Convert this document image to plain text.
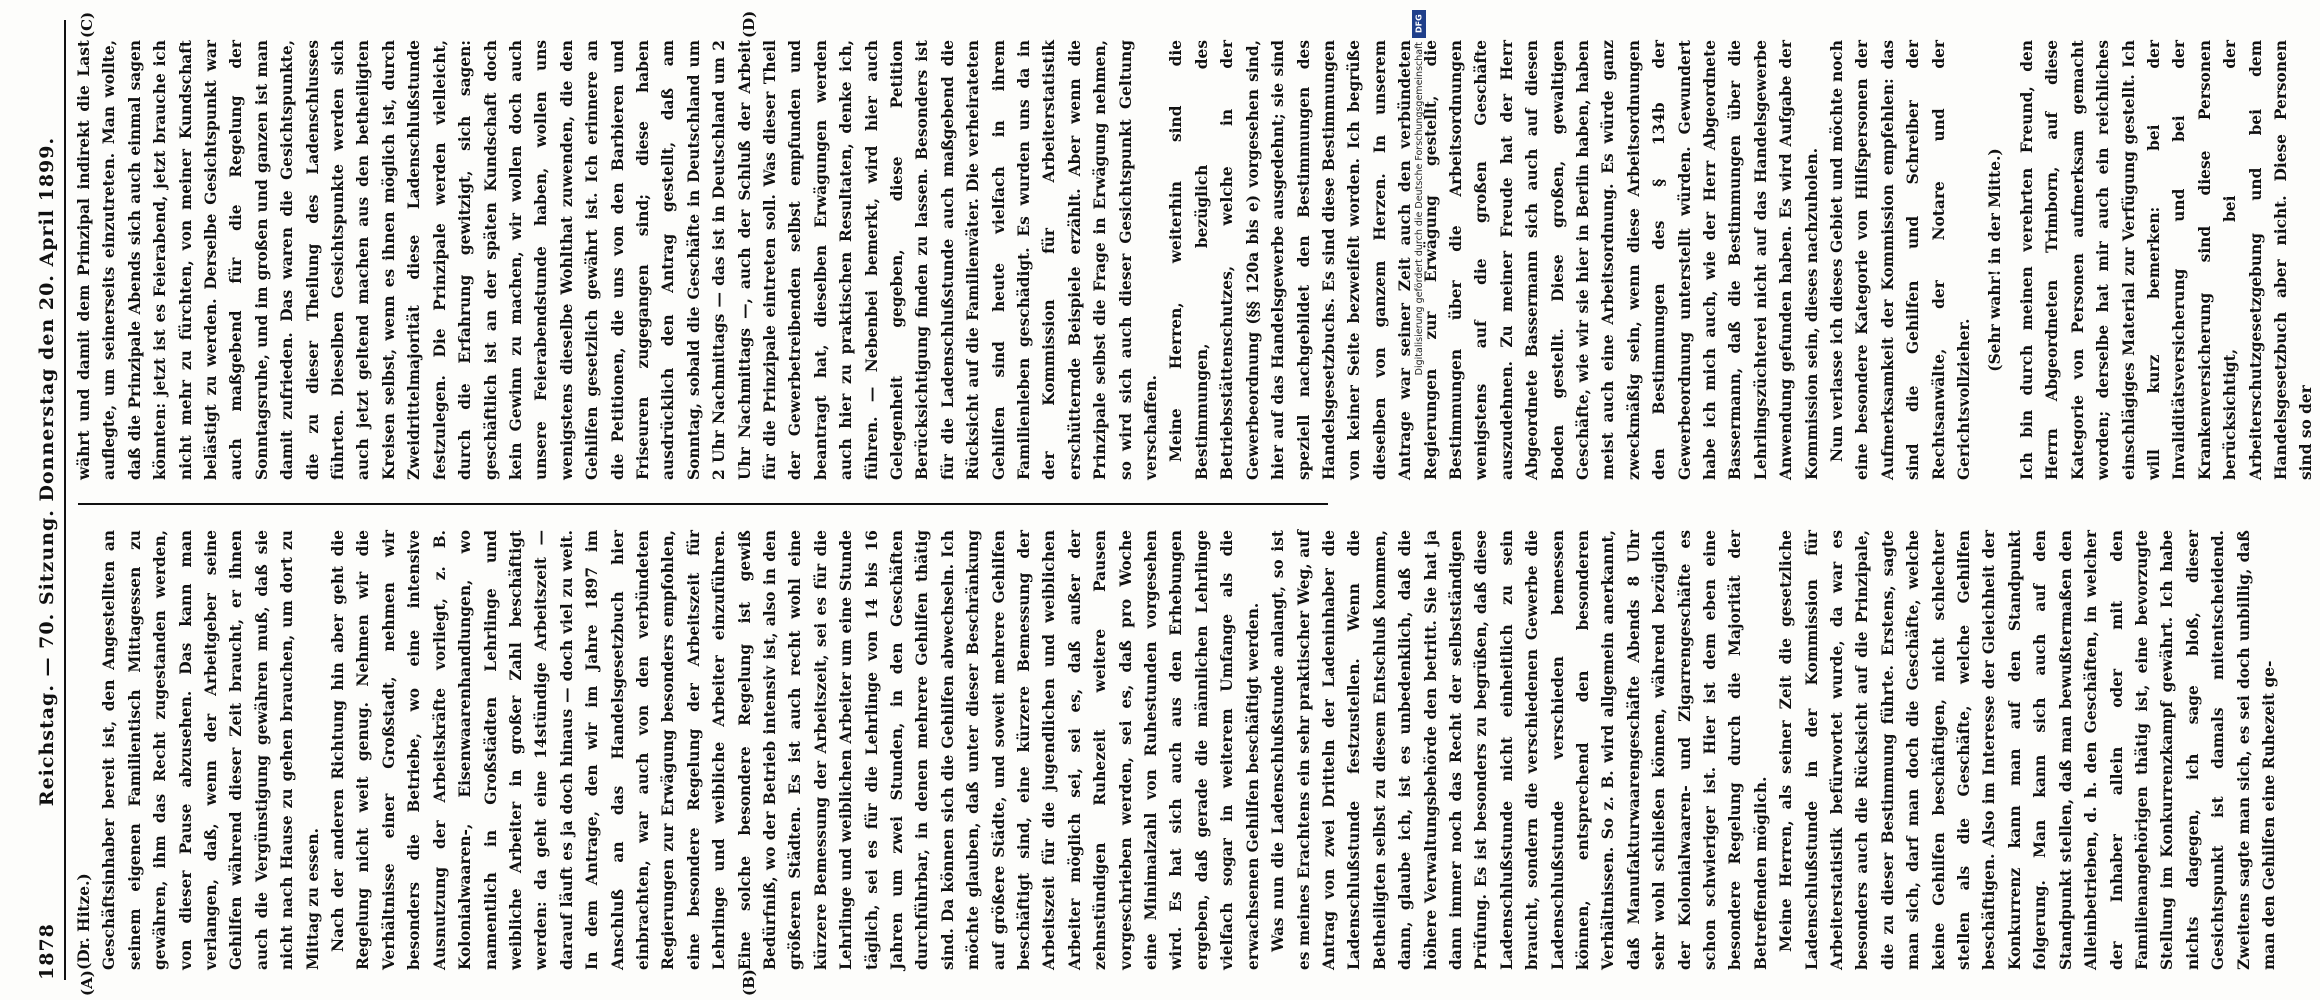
1878
Reichstag. — 70. Sitzung. Donnerstag den 20. April 1899.
(A)	(B)
(C)	(D)

(Dr. Hitze.) Geschäftsinhaber bereit ist, den Angestellten an seinem eigenen Familientisch Mittagessen zu gewähren, ihm das Recht zugestanden werden, von dieser Pause abzusehen. Das kann man verlangen, daß, wenn der Arbeitgeber seine Gehilfen während dieser Zeit braucht, er ihnen auch die Vergünstigung gewähren muß, daß sie nicht nach Hause zu gehen brauchen, um dort zu Mittag zu essen. Nach der anderen Richtung hin aber geht die Regelung nicht weit genug. Nehmen wir die Verhältnisse einer Großstadt, nehmen wir besonders die Betriebe, wo eine intensive Ausnutzung der Arbeitskräfte vorliegt, z. B. Kolonialwaaren-, Eisenwaarenhandlungen, wo namentlich in Großstädten Lehrlinge und weibliche Arbeiter in großer Zahl beschäftigt werden: da geht eine 14stündige Arbeitszeit — darauf läuft es ja doch hinaus — doch viel zu weit. In dem Antrage, den wir im Jahre 1897 im Anschluß an das Handelsgesetzbuch hier einbrachten, war auch von den verbündeten Regierungen zur Erwägung besonders empfohlen, eine besondere Regelung der Arbeitszeit für Lehrlinge und weibliche Arbeiter einzuführen. Eine solche besondere Regelung ist gewiß Bedürfniß, wo der Betrieb intensiv ist, also in den größeren Städten. Es ist auch recht wohl eine kürzere Bemessung der Arbeitszeit, sei es für die Lehrlinge und weiblichen Arbeiter um eine Stunde täglich, sei es für die Lehrlinge von 14 bis 16 Jahren um zwei Stunden, in den Geschäften durchführbar, in denen mehrere Gehilfen thätig sind. Da können sich die Gehilfen abwechseln. Ich möchte glauben, daß unter dieser Beschränkung auf größere Städte, und soweit mehrere Gehilfen beschäftigt sind, eine kürzere Bemessung der Arbeitszeit für die jugendlichen und weiblichen Arbeiter möglich sei, sei es, daß außer der zehnstündigen Ruhezeit weitere Pausen vorgeschrieben werden, sei es, daß pro Woche eine Minimalzahl von Ruhestunden vorgesehen wird. Es hat sich auch aus den Erhebungen ergeben, daß gerade die männlichen Lehrlinge vielfach sogar in weiterem Umfange als die erwachsenen Gehilfen beschäftigt werden. Was nun die Ladenschlußstunde anlangt, so ist es meines Erachtens ein sehr praktischer Weg, auf Antrag von zwei Dritteln der Ladeninhaber die Ladenschlußstunde festzustellen. Wenn die Betheiligten selbst zu diesem Entschluß kommen, dann, glaube ich, ist es unbedenklich, daß die höhere Verwaltungsbehörde den betritt. Sie hat ja dann immer noch das Recht der selbstständigen Prüfung. Es ist besonders zu begrüßen, daß diese Ladenschlußstunde nicht einheitlich zu sein braucht, sondern die verschiedenen Gewerbe die Ladenschlußstunde verschieden bemessen können, entsprechend den besonderen Verhältnissen. So z. B. wird allgemein anerkannt, daß Manufakturwaarengeschäfte Abends 8 Uhr sehr wohl schließen können, während bezüglich der Kolonialwaaren- und Zigarrengeschäfte es schon schwieriger ist. Hier ist dem eben eine besondere Regelung durch die Majorität der Betreffenden möglich. Meine Herren, als seiner Zeit die gesetzliche Ladenschlußstunde in der Kommission für Arbeiterstatistik befürwortet wurde, da war es besonders auch die Rücksicht auf die Prinzipale, die zu dieser Bestimmung führte. Erstens, sagte man sich, darf man doch die Geschäfte, welche keine Gehilfen beschäftigen, nicht schlechter stellen als die Geschäfte, welche Gehilfen beschäftigen. Also im Interesse der Gleichheit der Konkurrenz kann man auf den Standpunkt folgerung. Man kann sich auch auf den Standpunkt stellen, daß man bewußtermaßen den Alleinbetrieben, d. h. den Geschäften, in welcher der Inhaber allein oder mit den Familienangehörigen thätig ist, eine bevorzugte Stellung im Konkurrenzkampf gewährt. Ich habe nichts dagegen, ich sage bloß, dieser Gesichtspunkt ist damals mitentscheidend. Zweitens sagte man sich, es sei doch unbillig, daß man den Gehilfen eine Ruhezeit ge-

währt und damit dem Prinzipal indirekt die Last auflegte, um seinerseits einzutreten. Man wollte, daß die Prinzipale Abends sich auch einmal sagen könnten: jetzt ist es Feierabend, jetzt brauche ich nicht mehr zu fürchten, von meiner Kundschaft belästigt zu werden. Derselbe Gesichtspunkt war auch maßgebend für die Regelung der Sonntagsruhe, und im großen und ganzen ist man damit zufrieden. Das waren die Gesichtspunkte, die zu dieser Theilung des Ladenschlusses führten. Dieselben Gesichtspunkte werden sich auch jetzt geltend machen aus den betheiligten Kreisen selbst, wenn es ihnen möglich ist, durch Zweidrittelmajorität diese Ladenschlußstunde festzulegen. Die Prinzipale werden vielleicht, durch die Erfahrung gewitzigt, sich sagen: geschäftlich ist an der späten Kundschaft doch kein Gewinn zu machen, wir wollen doch auch unsere Feierabendstunde haben, wollen uns wenigstens dieselbe Wohlthat zuwenden, die den Gehilfen gesetzlich gewährt ist. Ich erinnere an die Petitionen, die uns von den Barbieren und Friseuren zugegangen sind; diese haben ausdrücklich den Antrag gestellt, daß am Sonntag, sobald die Geschäfte in Deutschland um 2 Uhr Nachmittags — das ist in Deutschland um 2 Uhr Nachmittags —, auch der Schluß der Arbeit für die Prinzipale eintreten soll. Was dieser Theil der Gewerbetreibenden selbst empfunden und beantragt hat, dieselben Erwägungen werden auch hier zu praktischen Resultaten, denke ich, führen. — Nebenbei bemerkt, wird hier auch Gelegenheit gegeben, diese Petition Berücksichtigung finden zu lassen. Besonders ist für die Ladenschlußstunde auch maßgebend die Rücksicht auf die Familienväter. Die verheirateten Gehilfen sind heute vielfach in ihrem Familienleben geschädigt. Es wurden uns da in der Kommission für Arbeiterstatistik erschütternde Beispiele erzählt. Aber wenn die Prinzipale selbst die Frage in Erwägung nehmen, so wird sich auch dieser Gesichtspunkt Geltung verschaffen. Meine Herren, weiterhin sind die Bestimmungen, bezüglich des Betriebsstättenschutzes, welche in der Gewerbeordnung (§§ 120a bis e) vorgesehen sind, hier auf das Handelsgewerbe ausgedehnt; sie sind speziell nachgebildet den Bestimmungen des Handelsgesetzbuchs. Es sind diese Bestimmungen von keiner Seite bezweifelt worden. Ich begrüße dieselben von ganzem Herzen. In unserem Antrage war seiner Zeit auch den verbündeten Regierungen zur Erwägung gestellt, die Bestimmungen über die Arbeitsordnungen wenigstens auf die großen Geschäfte auszudehnen. Zu meiner Freude hat der Herr Abgeordnete Bassermann sich auch auf diesen Boden gestellt. Diese großen, gewaltigen Geschäfte, wie wir sie hier in Berlin haben, haben meist auch eine Arbeitsordnung. Es würde ganz zweckmäßig sein, wenn diese Arbeitsordnungen den Bestimmungen des § 134b der Gewerbeordnung unterstellt würden. Gewundert habe ich mich auch, wie der Herr Abgeordnete Bassermann, daß die Bestimmungen über die Lehrlingszüchterei nicht auf das Handelsgewerbe Anwendung gefunden haben. Es wird Aufgabe der Kommission sein, dieses nachzuholen. Nun verlasse ich dieses Gebiet und möchte noch eine besondere Kategorie von Hilfspersonen der Aufmerksamkeit der Kommission empfehlen: das sind die Gehilfen und Schreiber der Rechtsanwälte, der Notare und der Gerichtsvollzieher.

(Sehr wahr! in der Mitte.) Ich bin durch meinen verehrten Freund, den Herrn Abgeordneten Trimborn, auf diese Kategorie von Personen aufmerksam gemacht worden; derselbe hat mir auch ein reichliches einschlägiges Material zur Verfügung gestellt. Ich will kurz bemerken: bei der Invaliditätsversicherung und bei der Krankenversicherung sind diese Personen berücksichtigt, bei der Arbeiterschutzgesetzgebung und bei dem Handelsgesetzbuch aber nicht. Diese Personen sind so der

DFG
Digitalisierung gefördert durch die Deutsche Forschungsgemeinschaft
